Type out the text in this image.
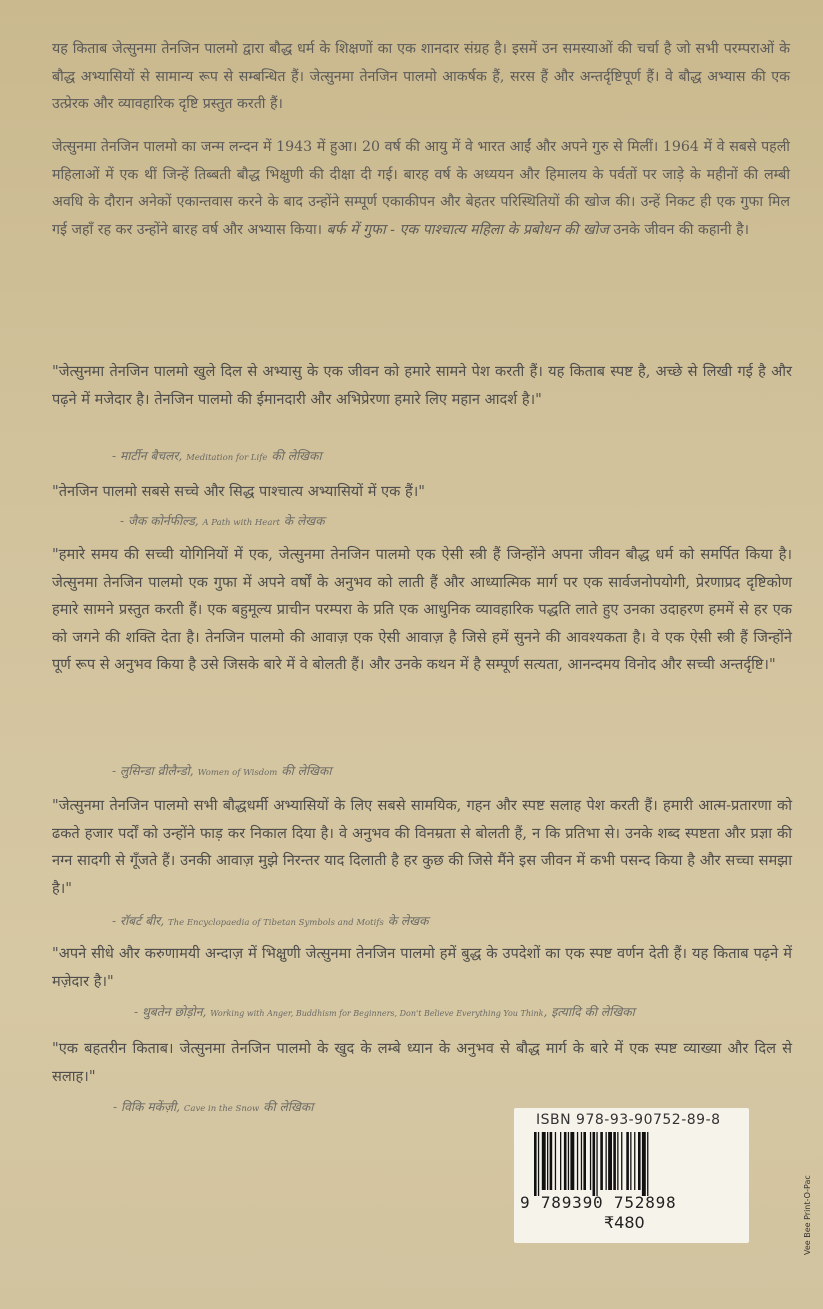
यह किताब जेत्सुनमा तेनजिन पालमो द्वारा बौद्ध धर्म के शिक्षणों का एक शानदार संग्रह है। इसमें उन समस्याओं की चर्चा है जो सभी परम्पराओं के बौद्ध अभ्यासियों से सामान्य रूप से सम्बन्धित हैं। जेत्सुनमा तेनजिन पालमो आकर्षक हैं, सरस हैं और अन्तर्दृष्टिपूर्ण हैं। वे बौद्ध अभ्यास की एक उत्प्रेरक और व्यावहारिक दृष्टि प्रस्तुत करती हैं।

जेत्सुनमा तेनजिन पालमो का जन्म लन्दन में 1943 में हुआ। 20 वर्ष की आयु में वे भारत आईं और अपने गुरु से मिलीं। 1964 में वे सबसे पहली महिलाओं में एक थीं जिन्हें तिब्बती बौद्ध भिक्षुणी की दीक्षा दी गई। बारह वर्ष के अध्ययन और हिमालय के पर्वतों पर जाड़े के महीनों की लम्बी अवधि के दौरान अनेकों एकान्तवास करने के बाद उन्होंने सम्पूर्ण एकाकीपन और बेहतर परिस्थितियों की खोज की। उन्हें निकट ही एक गुफा मिल गई जहाँ रह कर उन्होंने बारह वर्ष और अभ्यास किया। बर्फ में गुफा - एक पाश्चात्य महिला के प्रबोधन की खोज उनके जीवन की कहानी है।

"जेत्सुनमा तेनजिन पालमो खुले दिल से अभ्यासु के एक जीवन को हमारे सामने पेश करती हैं। यह किताब स्पष्ट है, अच्छे से लिखी गई है और पढ़ने में मजेदार है। तेनजिन पालमो की ईमानदारी और अभिप्रेरणा हमारे लिए महान आदर्श है।"

- मार्टीन बैचलर, Meditation for Life की लेखिका

"तेनजिन पालमो सबसे सच्चे और सिद्ध पाश्चात्य अभ्यासियों में एक हैं।"

- जैक कोर्नफील्ड, A Path with Heart के लेखक

"हमारे समय की सच्ची योगिनियों में एक, जेत्सुनमा तेनजिन पालमो एक ऐसी स्त्री हैं जिन्होंने अपना जीवन बौद्ध धर्म को समर्पित किया है। जेत्सुनमा तेनजिन पालमो एक गुफा में अपने वर्षों के अनुभव को लाती हैं और आध्यात्मिक मार्ग पर एक सार्वजनोपयोगी, प्रेरणाप्रद दृष्टिकोण हमारे सामने प्रस्तुत करती हैं। एक बहुमूल्य प्राचीन परम्परा के प्रति एक आधुनिक व्यावहारिक पद्धति लाते हुए उनका उदाहरण हममें से हर एक को जगने की शक्ति देता है। तेनजिन पालमो की आवाज़ एक ऐसी आवाज़ है जिसे हमें सुनने की आवश्यकता है। वे एक ऐसी स्त्री हैं जिन्होंने पूर्ण रूप से अनुभव किया है उसे जिसके बारे में वे बोलती हैं। और उनके कथन में है सम्पूर्ण सत्यता, आनन्दमय विनोद और सच्ची अन्तर्दृष्टि।"

- लुसिन्डा व्रीलैन्डो, Women of Wisdom की लेखिका

"जेत्सुनमा तेनजिन पालमो सभी बौद्धधर्मी अभ्यासियों के लिए सबसे सामयिक, गहन और स्पष्ट सलाह पेश करती हैं। हमारी आत्म-प्रतारणा को ढकते हजार पर्दों को उन्होंने फाड़ कर निकाल दिया है। वे अनुभव की विनम्रता से बोलती हैं, न कि प्रतिभा से। उनके शब्द स्पष्टता और प्रज्ञा की नग्न सादगी से गूँजते हैं। उनकी आवाज़ मुझे निरन्तर याद दिलाती है हर कुछ की जिसे मैंने इस जीवन में कभी पसन्द किया है और सच्चा समझा है।"

- रॉबर्ट बीर, The Encyclopaedia of Tibetan Symbols and Motifs के लेखक

"अपने सीधे और करुणामयी अन्दाज़ में भिक्षुणी जेत्सुनमा तेनजिन पालमो हमें बुद्ध के उपदेशों का एक स्पष्ट वर्णन देती हैं। यह किताब पढ़ने में मज़ेदार है।"

- थुबतेन छोड़ोन, Working with Anger, Buddhism for Beginners, Don't Believe Everything You Think, इत्यादि की लेखिका

"एक बहतरीन किताब। जेत्सुनमा तेनजिन पालमो के खुद के लम्बे ध्यान के अनुभव से बौद्ध मार्ग के बारे में एक स्पष्ट व्याख्या और दिल से सलाह।"

- विकि मकेंज़ी, Cave in the Snow की लेखिका
ISBN 978-93-90752-89-8
9 789390 752898
₹480	Vee Bee Print-O-Pac
